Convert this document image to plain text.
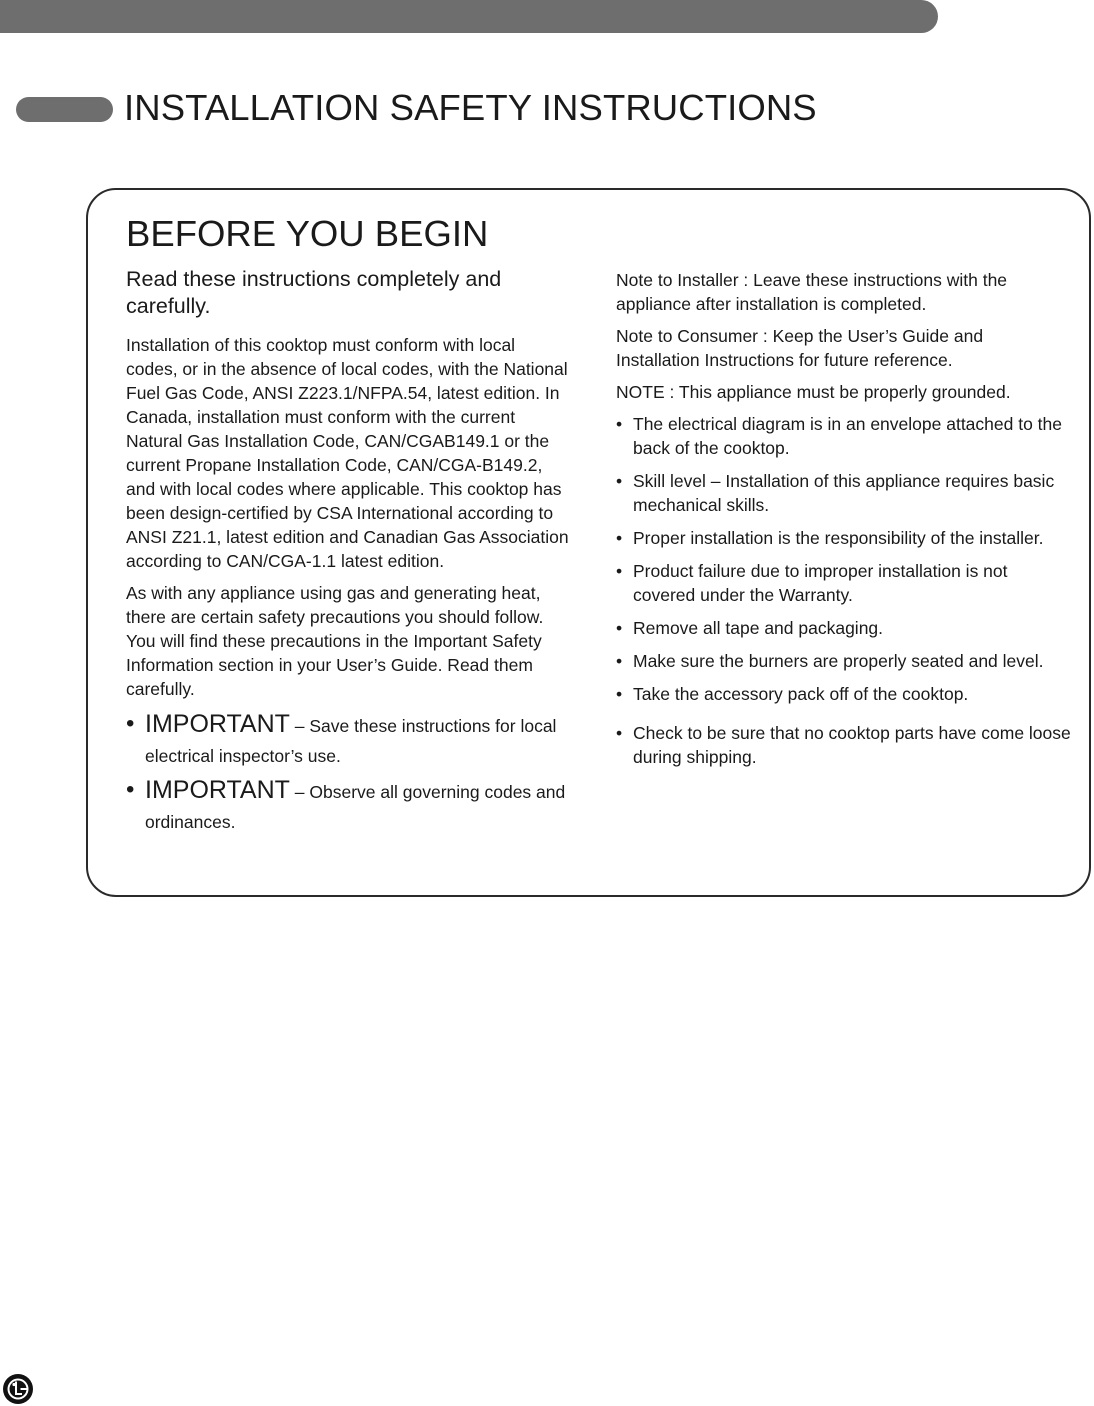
INSTALLATION SAFETY INSTRUCTIONS
BEFORE YOU BEGIN
Read these instructions completely and carefully.

Installation of this cooktop must conform with local codes, or in the absence of local codes, with the National Fuel Gas Code, ANSI Z223.1/NFPA.54, latest edition. In Canada, installation must conform with the current Natural Gas Installation Code, CAN/CGAB149.1 or the current Propane Installation Code, CAN/CGA-B149.2, and with local codes where applicable. This cooktop has been design-certified by CSA International according to ANSI Z21.1, latest edition and Canadian Gas Association according to CAN/CGA-1.1 latest edition.

As with any appliance using gas and generating heat, there are certain safety precautions you should follow. You will find these precautions in the Important Safety Information section in your User’s Guide. Read them carefully.

• IMPORTANT – Save these instructions for local electrical inspector’s use.
• IMPORTANT – Observe all governing codes and ordinances.

Note to Installer : Leave these instructions with the appliance after installation is completed.

Note to Consumer : Keep the User’s Guide and Installation Instructions for future reference.

NOTE : This appliance must be properly grounded.

• The electrical diagram is in an envelope attached to the back of the cooktop.
• Skill level – Installation of this appliance requires basic mechanical skills.
• Proper installation is the responsibility of the installer.
• Product failure due to improper installation is not covered under the Warranty.
• Remove all tape and packaging.
• Make sure the burners are properly seated and level.
• Take the accessory pack off of the cooktop.
• Check to be sure that no cooktop parts have come loose during shipping.
